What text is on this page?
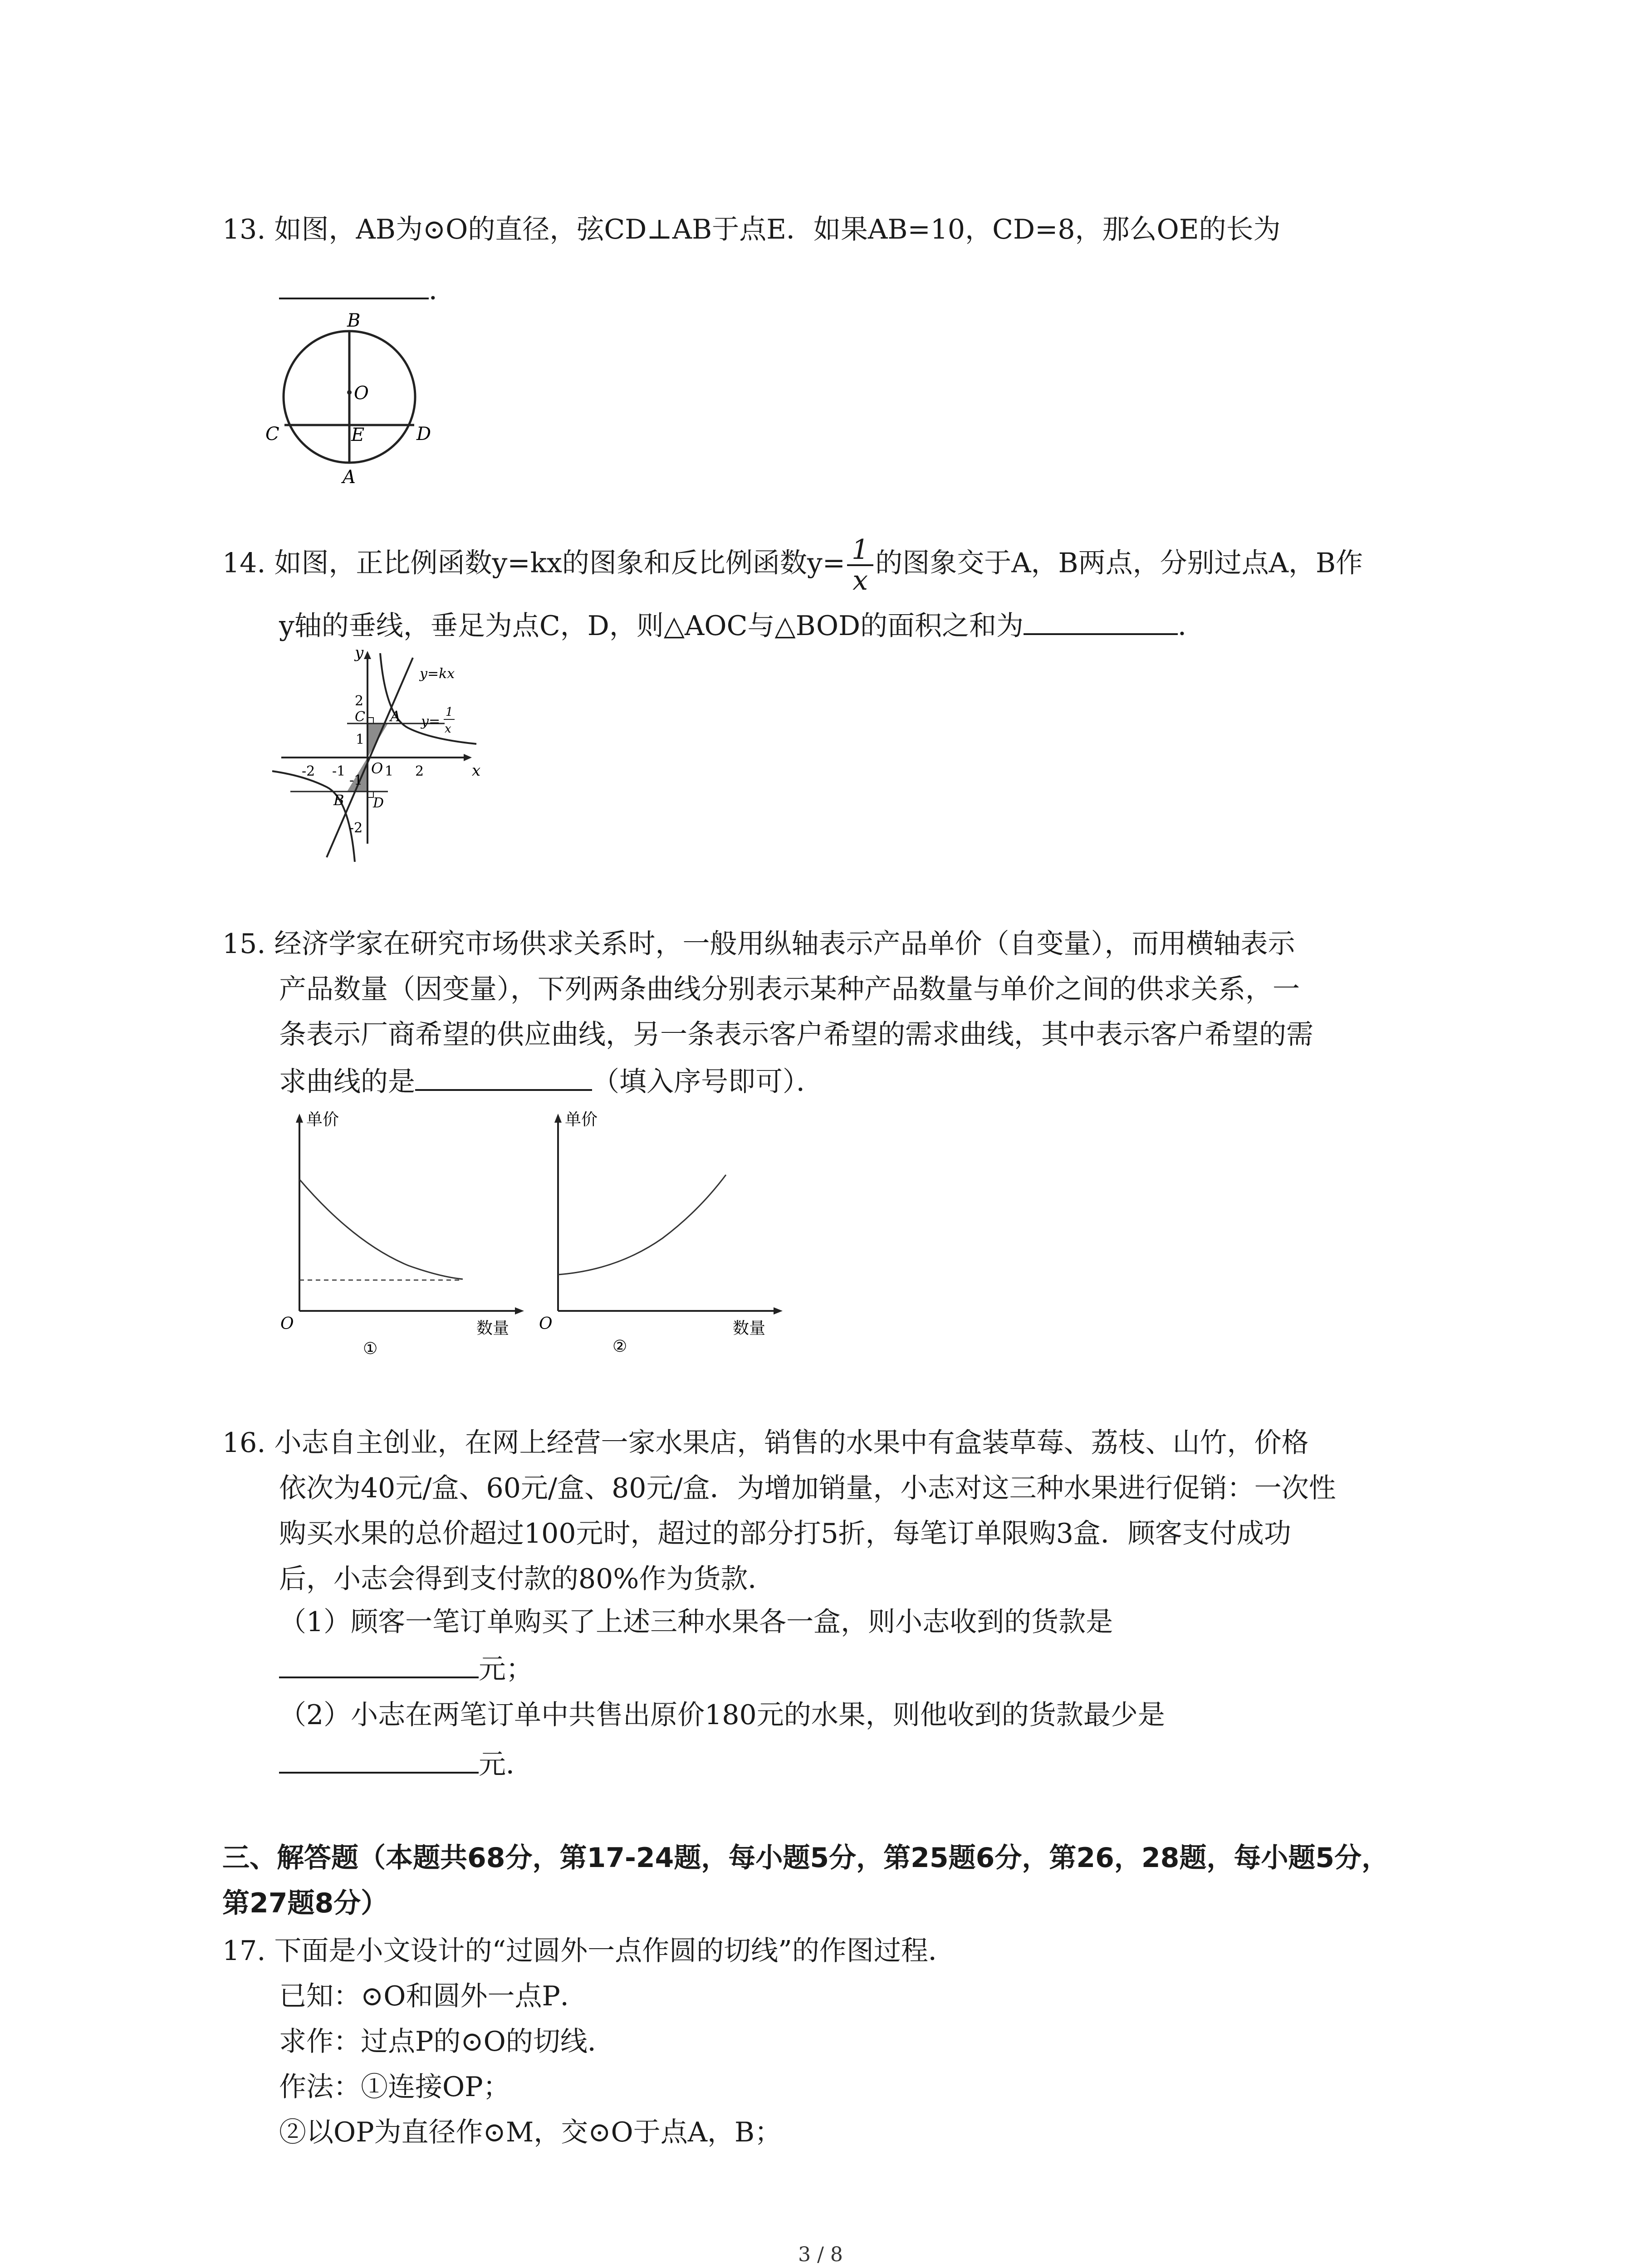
13. 如图，AB为⊙O的直径，弦CD⊥AB于点E．如果AB=10，CD=8，那么OE的长为
．
B
O
C	E	D
A
14. 如图，正比例函数y=kx的图象和反比例函数$y= \frac{1}{x}$ 的图象交于A，B两点，分别过点A，B作
y轴的垂线，垂足为点C，D，则△AOC与△BOD的面积之和为	．
y
x
O
A
B
C
D
y=kx
y=
1
x
-2 -1	1 2
2
1
-1
-2
15. 经济学家在研究市场供求关系时，一般用纵轴表示产品单价（自变量），而用横轴表示
产品数量（因变量），下列两条曲线分别表示某种产品数量与单价之间的供求关系，一
条表示厂商希望的供应曲线，另一条表示客户希望的需求曲线，其中表示客户希望的需
求曲线的是	（填入序号即可）．
单价
数量
O
①
单价
数量
O
②
16. 小志自主创业，在网上经营一家水果店，销售的水果中有盒装草莓、荔枝、山竹，价格
依次为40元/盒、60元/盒、80元/盒．为增加销量，小志对这三种水果进行促销：一次性
购买水果的总价超过100元时，超过的部分打5折，每笔订单限购3盒．顾客支付成功
后，小志会得到支付款的80%作为货款．
（1）顾客一笔订单购买了上述三种水果各一盒，则小志收到的货款是
元；
（2）小志在两笔订单中共售出原价180元的水果，则他收到的货款最少是
元．
三、解答题（本题共68分，第17-24题，每小题5分，第25题6分，第26，28题，每小题5分，
第27题8分）
17. 下面是小文设计的“过圆外一点作圆的切线”的作图过程．
已知：⊙O和圆外一点P．
求作：过点P的⊙O的切线．
作法：①连接OP；
②以OP为直径作⊙M，交⊙O于点A，B；
3 / 8
